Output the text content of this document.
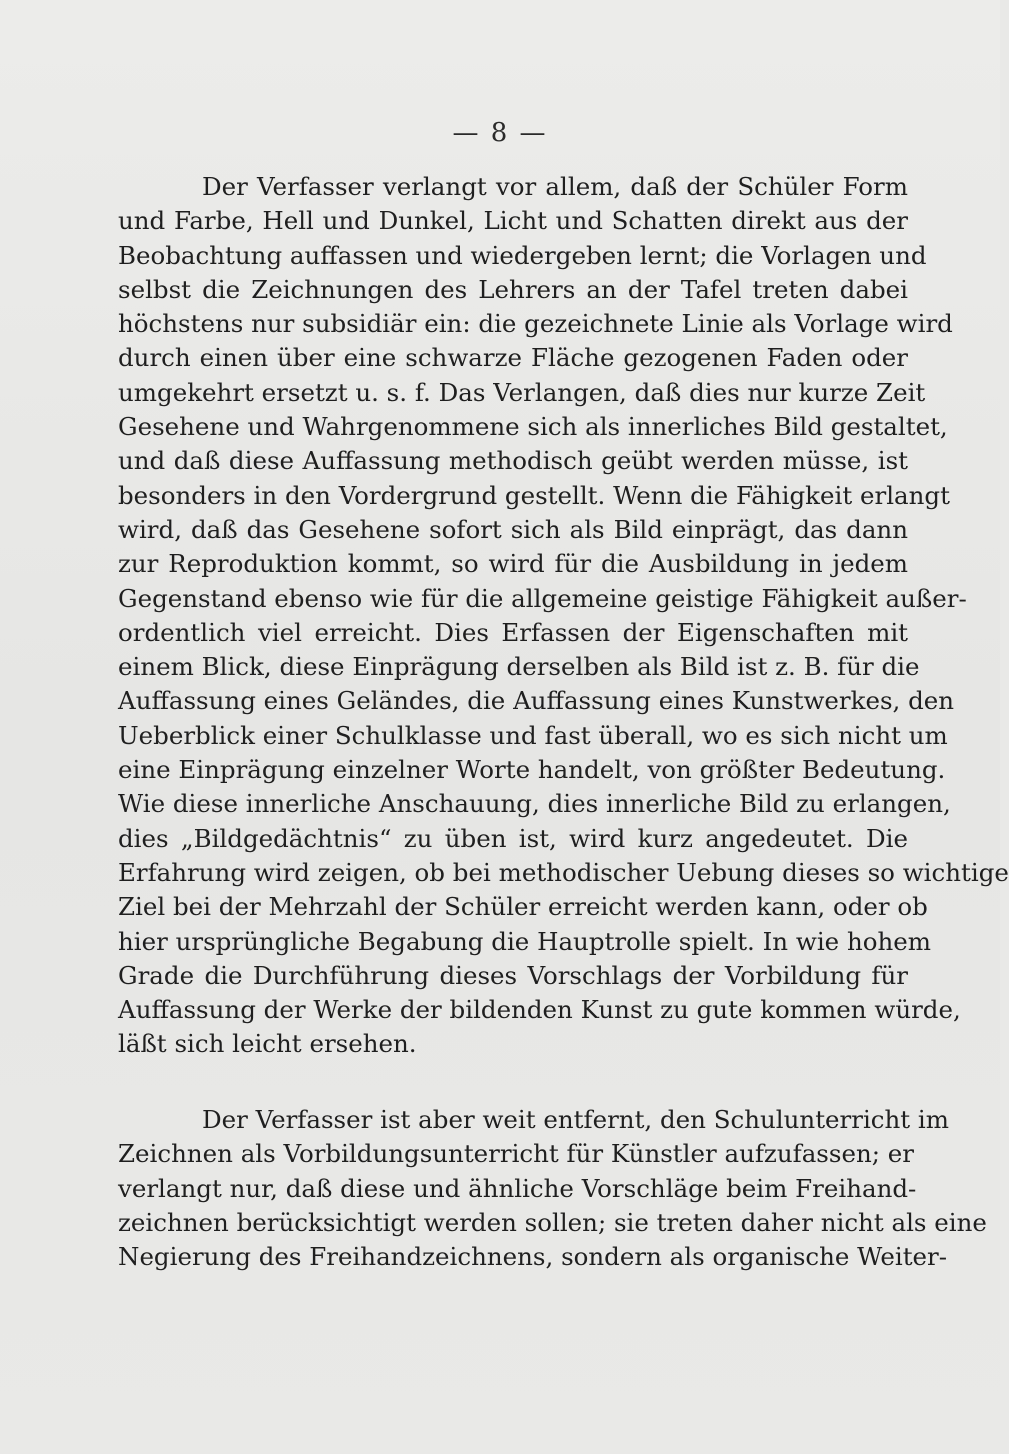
— 8 —
Der Verfasser verlangt vor allem, daß der Schüler Form
und Farbe, Hell und Dunkel, Licht und Schatten direkt aus der
Beobachtung auffassen und wiedergeben lernt; die Vorlagen und
selbst die Zeichnungen des Lehrers an der Tafel treten dabei
höchstens nur subsidiär ein: die gezeichnete Linie als Vorlage wird
durch einen über eine schwarze Fläche gezogenen Faden oder
umgekehrt ersetzt u. s. f. Das Verlangen, daß dies nur kurze Zeit
Gesehene und Wahrgenommene sich als innerliches Bild gestaltet,
und daß diese Auffassung methodisch geübt werden müsse, ist
besonders in den Vordergrund gestellt. Wenn die Fähigkeit erlangt
wird, daß das Gesehene sofort sich als Bild einprägt, das dann
zur Reproduktion kommt, so wird für die Ausbildung in jedem
Gegenstand ebenso wie für die allgemeine geistige Fähigkeit außer-
ordentlich viel erreicht. Dies Erfassen der Eigenschaften mit
einem Blick, diese Einprägung derselben als Bild ist z. B. für die
Auffassung eines Geländes, die Auffassung eines Kunstwerkes, den
Ueberblick einer Schulklasse und fast überall, wo es sich nicht um
eine Einprägung einzelner Worte handelt, von größter Bedeutung.
Wie diese innerliche Anschauung, dies innerliche Bild zu erlangen,
dies „Bildgedächtnis“ zu üben ist, wird kurz angedeutet. Die
Erfahrung wird zeigen, ob bei methodischer Uebung dieses so wichtige
Ziel bei der Mehrzahl der Schüler erreicht werden kann, oder ob
hier ursprüngliche Begabung die Hauptrolle spielt. In wie hohem
Grade die Durchführung dieses Vorschlags der Vorbildung für
Auffassung der Werke der bildenden Kunst zu gute kommen würde,
läßt sich leicht ersehen.
Der Verfasser ist aber weit entfernt, den Schulunterricht im
Zeichnen als Vorbildungsunterricht für Künstler aufzufassen; er
verlangt nur, daß diese und ähnliche Vorschläge beim Freihand-
zeichnen berücksichtigt werden sollen; sie treten daher nicht als eine
Negierung des Freihandzeichnens, sondern als organische Weiter-
